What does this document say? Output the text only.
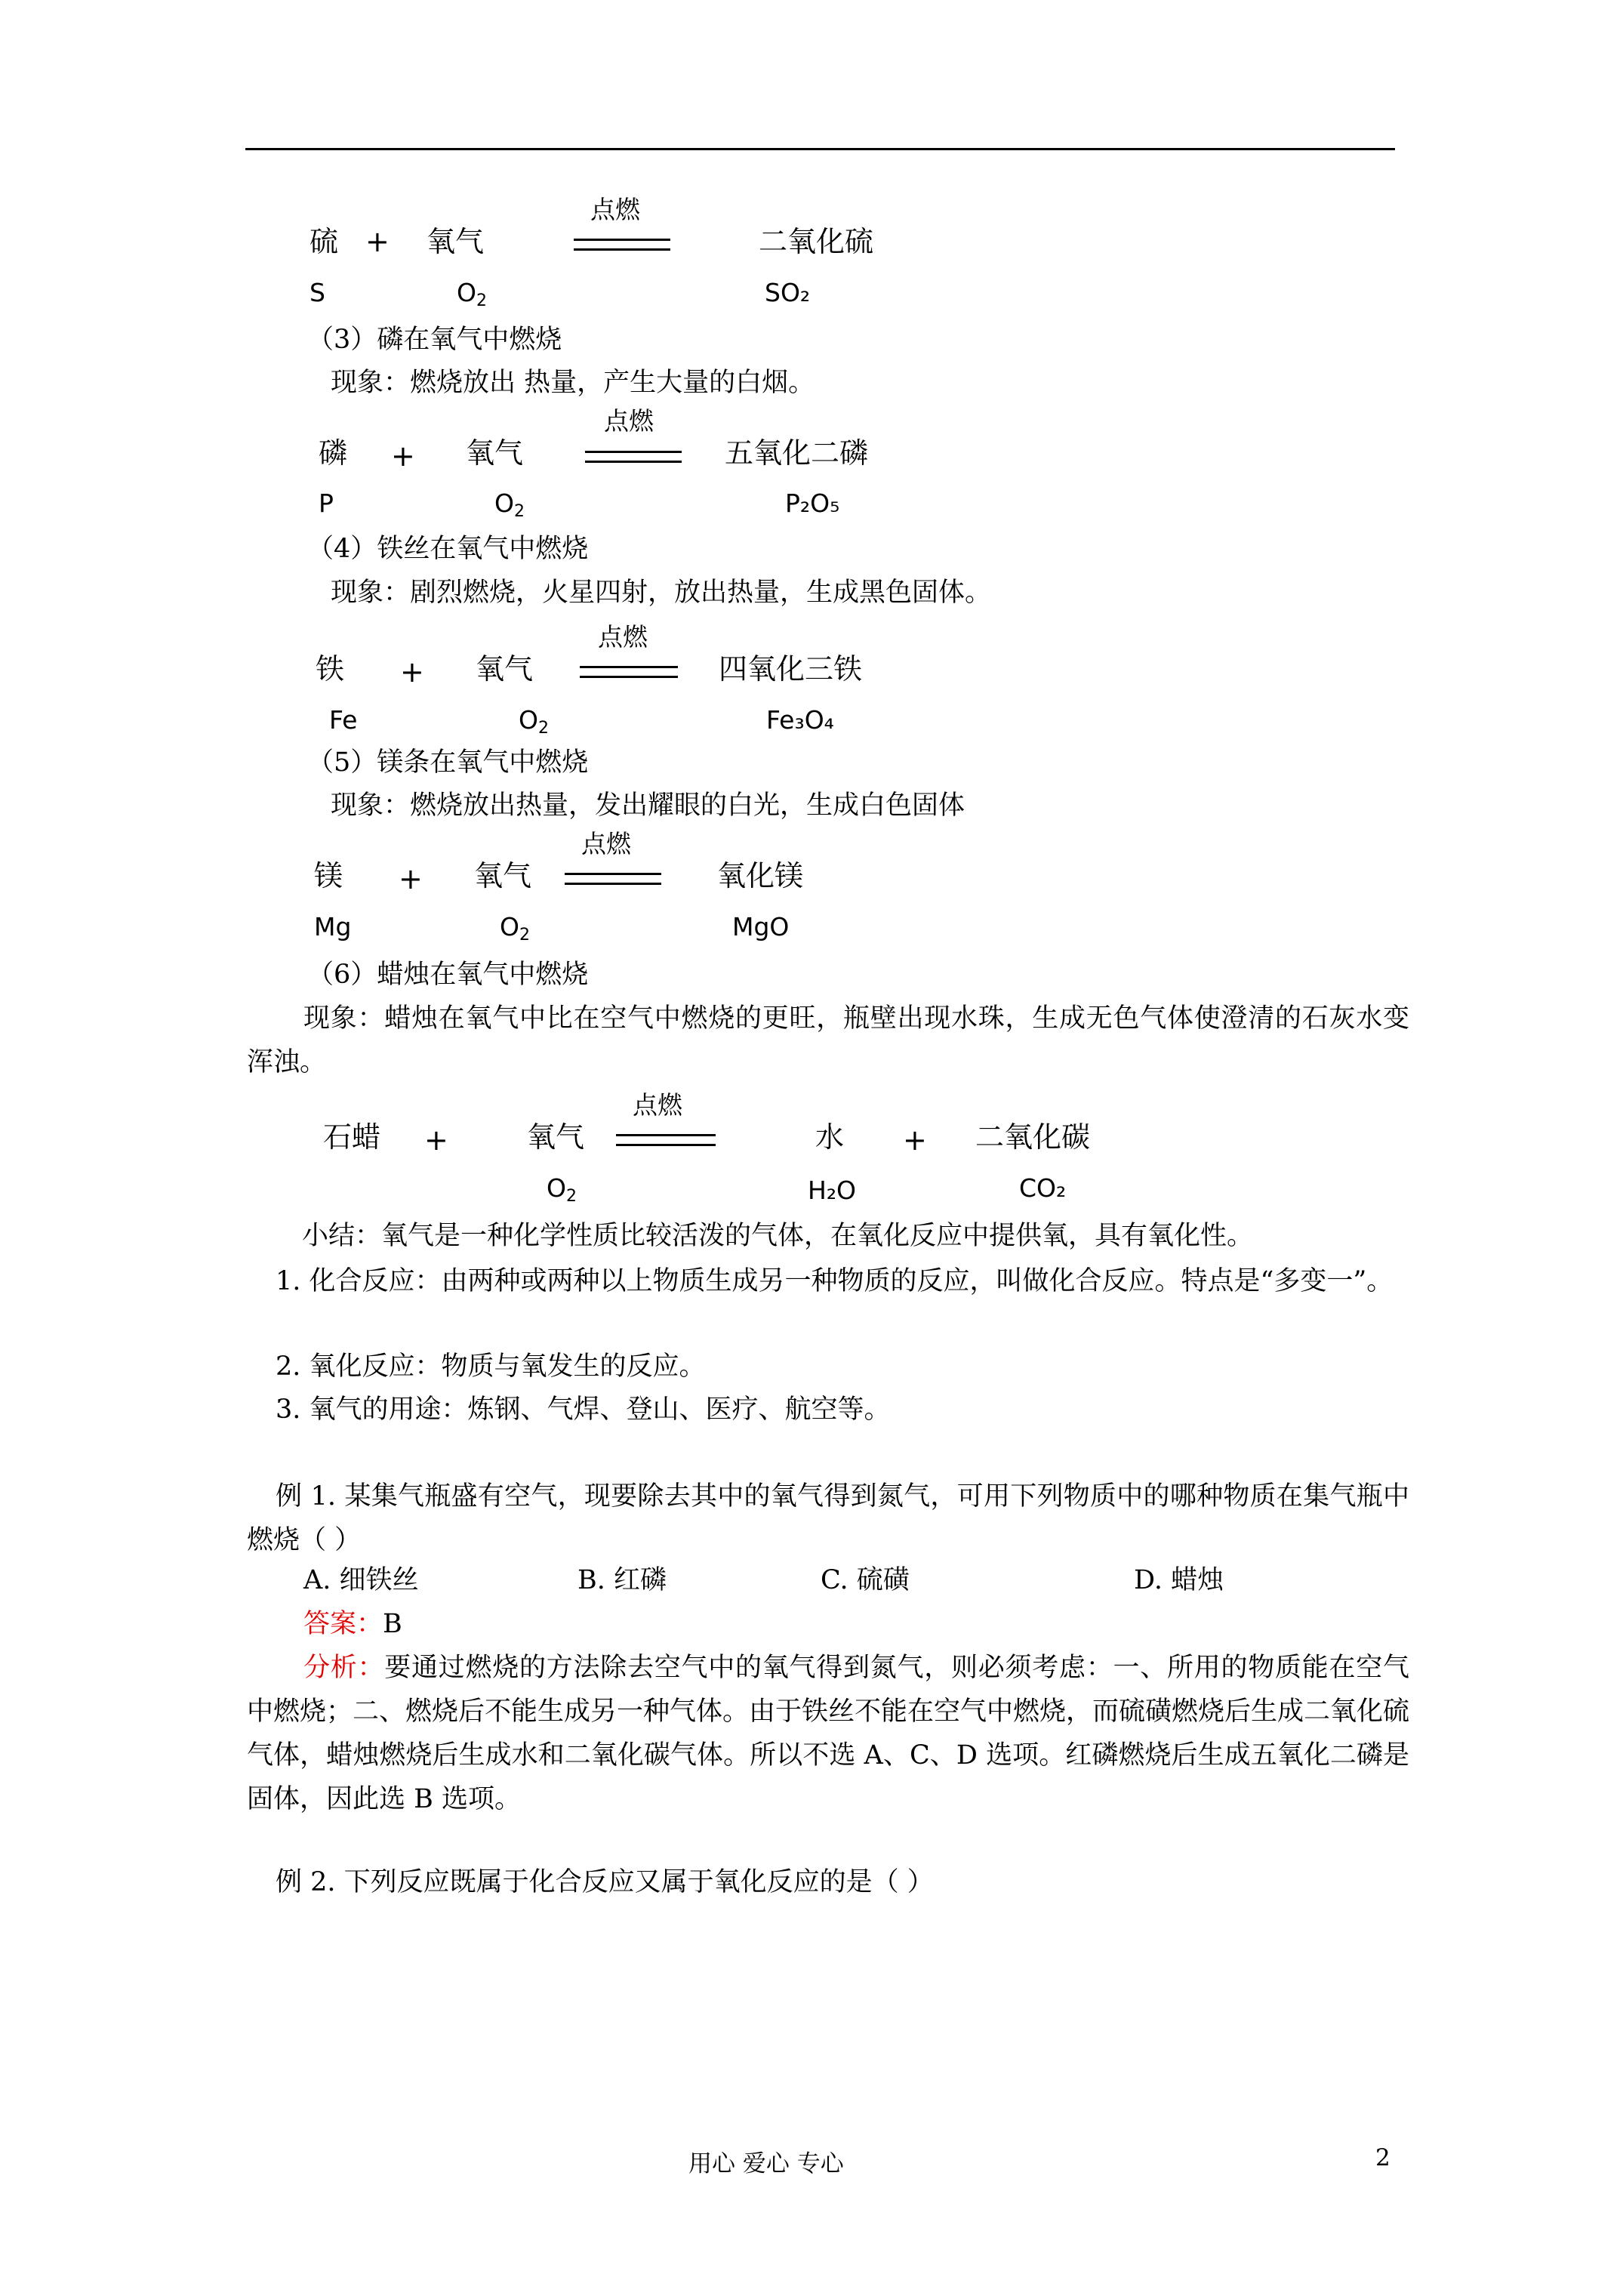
点燃
硫 + 氧气	二氧化硫
S	$O_2$	SO₂
（3）磷在氧气中燃烧
现象：燃烧放出 热量，产生大量的白烟。
点燃
磷 + 氧气	五氧化二磷
P	$O_2$	P₂O₅
（4）铁丝在氧气中燃烧
现象：剧烈燃烧，火星四射，放出热量，生成黑色固体。
点燃
铁 + 氧气	四氧化三铁
Fe	$O_2$	Fe₃O₄
（5）镁条在氧气中燃烧
现象：燃烧放出热量，发出耀眼的白光，生成白色固体
点燃
镁 + 氧气	氧化镁
Mg	$O_2$	MgO
（6）蜡烛在氧气中燃烧
现象：蜡烛在氧气中比在空气中燃烧的更旺，瓶壁出现水珠，生成无色气体使澄清的石灰水变浑浊。
点燃
石蜡 +	氧气	水 + 二氧化碳
$O_2$	H₂O	CO₂
小结：氧气是一种化学性质比较活泼的气体，在氧化反应中提供氧，具有氧化性。
1. 化合反应：由两种或两种以上物质生成另一种物质的反应，叫做化合反应。特点是“多变一”。
2. 氧化反应：物质与氧发生的反应。
3. 氧气的用途：炼钢、气焊、登山、医疗、航空等。
例 1. 某集气瓶盛有空气，现要除去其中的氧气得到氮气，可用下列物质中的哪种物质在集气瓶中燃烧（ ）
A. 细铁丝	B. 红磷	C. 硫磺	D. 蜡烛
答案：B
分析：要通过燃烧的方法除去空气中的氧气得到氮气，则必须考虑：一、所用的物质能在空气中燃烧；二、燃烧后不能生成另一种气体。由于铁丝不能在空气中燃烧，而硫磺燃烧后生成二氧化硫气体，蜡烛燃烧后生成水和二氧化碳气体。所以不选 A、C、D 选项。红磷燃烧后生成五氧化二磷是固体，因此选 B 选项。
例 2. 下列反应既属于化合反应又属于氧化反应的是（ ）
用心 爱心 专心	2
